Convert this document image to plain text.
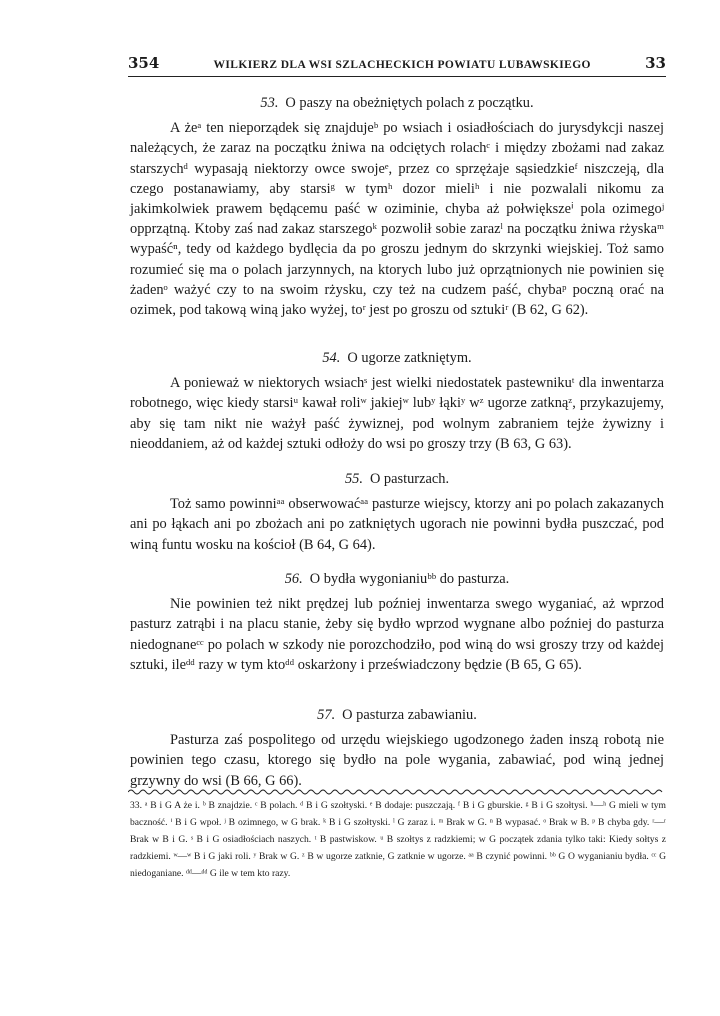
354	WILKIERZ DLA WSI SZLACHECKICH POWIATU LUBAWSKIEGO	33

53. O paszy na obeżniętych polach z początku.

A żeᵃ ten nieporządek się znajdujeᵇ po wsiach i osiadłościach do jurysdykcji naszej należących, że zaraz na początku żniwa na odciętych rolachᶜ i między zbożami nad zakaz starszychᵈ wypasają niektorzy owce swojeᵉ, przez co sprzężaje sąsiedzkieᶠ niszczeją, dla czego postanawiamy, aby starsiᵍ w tymʰ dozor mieliʰ i nie pozwalali nikomu za jakimkolwiek prawem będącemu paść w oziminie, chyba aż połwiększeⁱ pola ozimegoʲ opprzątną. Ktoby zaś nad zakaz starszegoᵏ pozwolił sobie zarazˡ na początku żniwa rżyskaᵐ wypaśćⁿ, tedy od każdego bydlęcia da po groszu jednym do skrzynki wiejskiej. Toż samo rozumieć się ma o polach jarzynnych, na ktorych lubo już oprzątnionych nie powinien się żadenᵒ ważyć czy to na swoim rżysku, czy też na cudzem paść, chybaᵖ poczną orać na ozimek, pod takową winą jako wyżej, toʳ jest po groszu od sztukiʳ (B 62, G 62).

54. O ugorze zatkniętym.

A ponieważ w niektorych wsiachˢ jest wielki niedostatek pastewnikuᵗ dla inwentarza robotnego, więc kiedy starsiᵘ kawał roliʷ jakiejʷ lubʸ łąkiʸ wᶻ ugorze zatknąᶻ, przykazujemy, aby się tam nikt nie ważył paść żywiznej, pod wolnym zabraniem tejże żywizny i nieoddaniem, aż od każdej sztuki odłoży do wsi po groszy trzy (B 63, G 63).

55. O pasturzach.

Toż samo powinniᵃᵃ obserwowaćᵃᵃ pasturze wiejscy, ktorzy ani po polach zakazanych ani po łąkach ani po zbożach ani po zatkniętych ugorach nie powinni bydła puszczać, pod winą funtu wosku na kościoł (B 64, G 64).

56. O bydła wygonianiuᵇᵇ do pasturza.

Nie powinien też nikt prędzej lub poźniej inwentarza swego wyganiać, aż wprzod pasturz zatrąbi i na placu stanie, żeby się bydło wprzod wygnane albo poźniej do pasturza niedognaneᶜᶜ po polach w szkody nie porozchodziło, pod winą do wsi groszy trzy od każdej sztuki, ileᵈᵈ razy w tym ktoᵈᵈ oskarżony i przeświadczony będzie (B 65, G 65).

57. O pasturza zabawianiu.

Pasturza zaś pospolitego od urzędu wiejskiego ugodzonego żaden inszą robotą nie powinien tego czasu, ktorego się bydło na pole wygania, zabawiać, pod winą jednej grzywny do wsi (B 66, G 66).

33. ᵃ B i G A że i. ᵇ B znajdzie. ᶜ B polach. ᵈ B i G szołtyski. ᵉ B dodaje: puszczają. ᶠ B i G gburskie. ᵍ B i G szołtysi. ʰ—ʰ G mieli w tym baczność. ⁱ B i G wpoł. ʲ B ozimnego, w G brak. ᵏ B i G szołtyski. ˡ G zaraz i. ᵐ Brak w G. ⁿ B wypasać. ᵒ Brak w B. ᵖ B chyba gdy. ʳ—ʳ Brak w B i G. ˢ B i G osiadłościach naszych. ᵗ B pastwiskow. ᵘ B szołtys z radzkiemi; w G początek zdania tylko taki: Kiedy sołtys z radzkiemi. ʷ—ʷ B i G jaki roli. ʸ Brak w G. ᶻ B w ugorze zatknie, G zatknie w ugorze. ᵃᵃ B czynić powinni. ᵇᵇ G O wyganianiu bydła. ᶜᶜ G niedoganiane. ᵈᵈ—ᵈᵈ G ile w tem kto razy.
